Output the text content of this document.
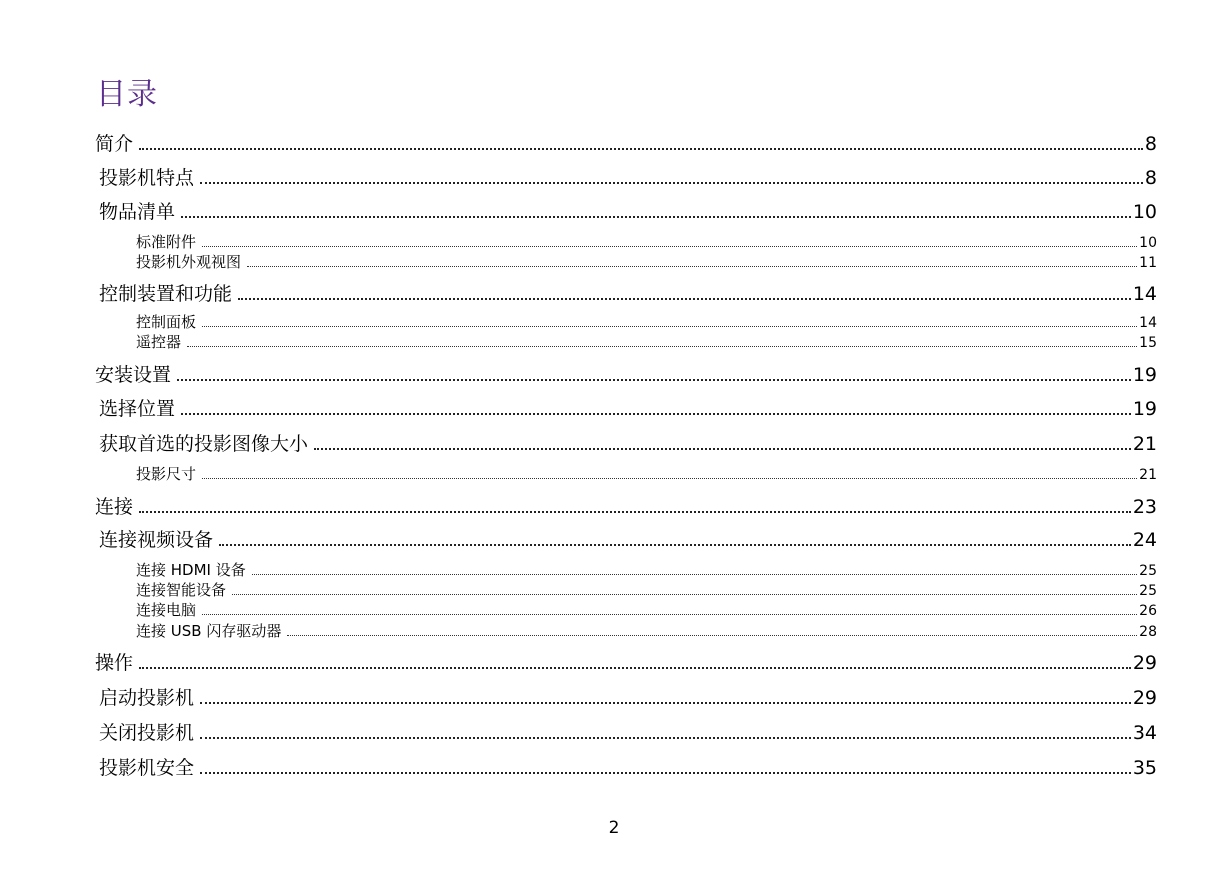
目录
简介	8
投影机特点	8
物品清单	10
标准附件	10
投影机外观视图	11
控制装置和功能	14
控制面板	14
遥控器	15
安装设置	19
选择位置	19
获取首选的投影图像大小	21
投影尺寸	21
连接	23
连接视频设备	24
连接 HDMI 设备	25
连接智能设备	25
连接电脑	26
连接 USB 闪存驱动器	28
操作	29
启动投影机	29
关闭投影机	34
投影机安全	35
2
